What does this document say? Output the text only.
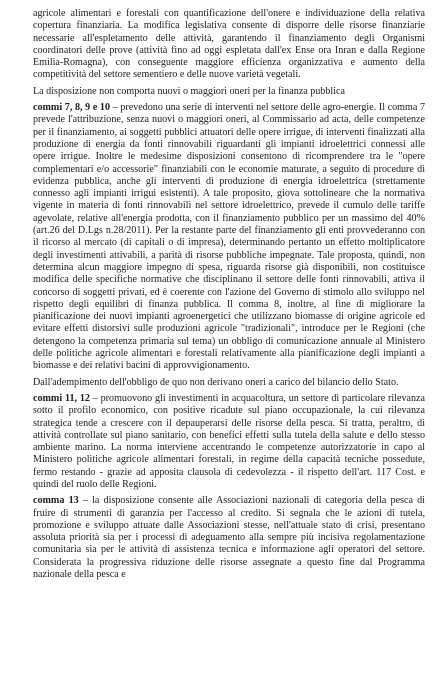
agricole alimentari e forestali con quantificazione dell'onere e individuazione della relativa copertura finanziaria. La modifica legislativa consente di disporre delle risorse finanziarie necessarie all'espletamento delle attività, garantendo il finanziamento degli Organismi coordinatori delle prove (attività fino ad oggi espletata dall'ex Ense ora Inran e dalla Regione Emilia-Romagna), con conseguente maggiore efficienza organizzativa e aumento della competitività del settore sementiero e delle nuove varietà vegetali.

La disposizione non comporta nuovi o maggiori oneri per la finanza pubblica

commi 7, 8, 9 e 10 – prevedono una serie di interventi nel settore delle agro-energie. Il comma 7 prevede l'attribuzione, senza nuovi o maggiori oneri, al Commissario ad acta, delle competenze per il finanziamento, ai soggetti pubblici attuatori delle opere irrigue, di interventi finalizzati alla produzione di energia da fonti rinnovabili riguardanti gli impianti idroelettrici connessi alle opere irrigue. Inoltre le medesime disposizioni consentono di ricomprendere tra le "opere complementari e/o accessorie" finanziabili con le economie maturate, a seguito di procedure di evidenza pubblica, anche gli interventi di produzione di energia idroelettrica (strettamente connesso agli impianti irrigui esistenti). A tale proposito, giova sottolineare che la normativa vigente in materia di fonti rinnovabili nel settore idroelettrico, prevede il cumulo delle tariffe agevolate, relative all'energia prodotta, con il finanziamento pubblico per un massimo del 40% (art.26 del D.Lgs n.28/2011). Per la restante parte del finanziamento gli enti provvederanno con il ricorso al mercato (di capitali o di impresa), determinando pertanto un effetto moltiplicatore degli investimenti attivabili, a parità di risorse pubbliche impegnate. Tale proposta, quindi, non determina alcun maggiore impegno di spesa, riguarda risorse già disponibili, non costituisce modifica delle specifiche normative che disciplinano il settore delle fonti rinnovabili, attiva il concorso di soggetti privati, ed è coerente con l'azione del Governo di stimolo allo sviluppo nel rispetto degli equilibri di finanza pubblica. Il comma 8, inoltre, al fine di migliorare la pianificazione dei nuovi impianti agroenergetici che utilizzano biomasse di origine agricole ed evitare effetti distorsivi sulle produzioni agricole "tradizionali", introduce per le Regioni (che detengono la competenza primaria sul tema) un obbligo di comunicazione annuale al Ministero delle politiche agricole alimentari e forestali relativamente alla pianificazione degli impianti a biomasse e dei relativi bacini di approvvigionamento.

Dall'adempimento dell'obbligo de quo non derivano oneri a carico del bilancio dello Stato.

commi 11, 12 – promuovono gli investimenti in acquacoltura, un settore di particolare rilevanza sotto il profilo economico, con positive ricadute sul piano occupazionale, la cui rilevanza strategica tende a crescere con il depauperarsi delle risorse della pesca. Si tratta, peraltro, di attività controllate sul piano sanitario, con benefici effetti sulla tutela della salute e dello stesso ambiente marino. La norma interviene accentrando le competenze autorizzatorie in capo al Ministero politiche agricole alimentari forestali, in regime della capacità tecniche possedute, fermo restando - grazie ad apposita clausola di cedevolezza - il rispetto dell'art. 117 Cost. e quindi del ruolo delle Regioni.

comma 13 – la disposizione consente alle Associazioni nazionali di categoria della pesca di fruire di strumenti di garanzia per l'accesso al credito. Si segnala che le azioni di tutela, promozione e sviluppo attuate dalle Associazioni stesse, nell'attuale stato di crisi, presentano assoluta priorità sia per i processi di adeguamento alla sempre più incisiva regolamentazione comunitaria sia per le attività di assistenza tecnica e informazione agli operatori del settore. Considerata la progressiva riduzione delle risorse assegnate a questo fine dal Programma nazionale della pesca e
